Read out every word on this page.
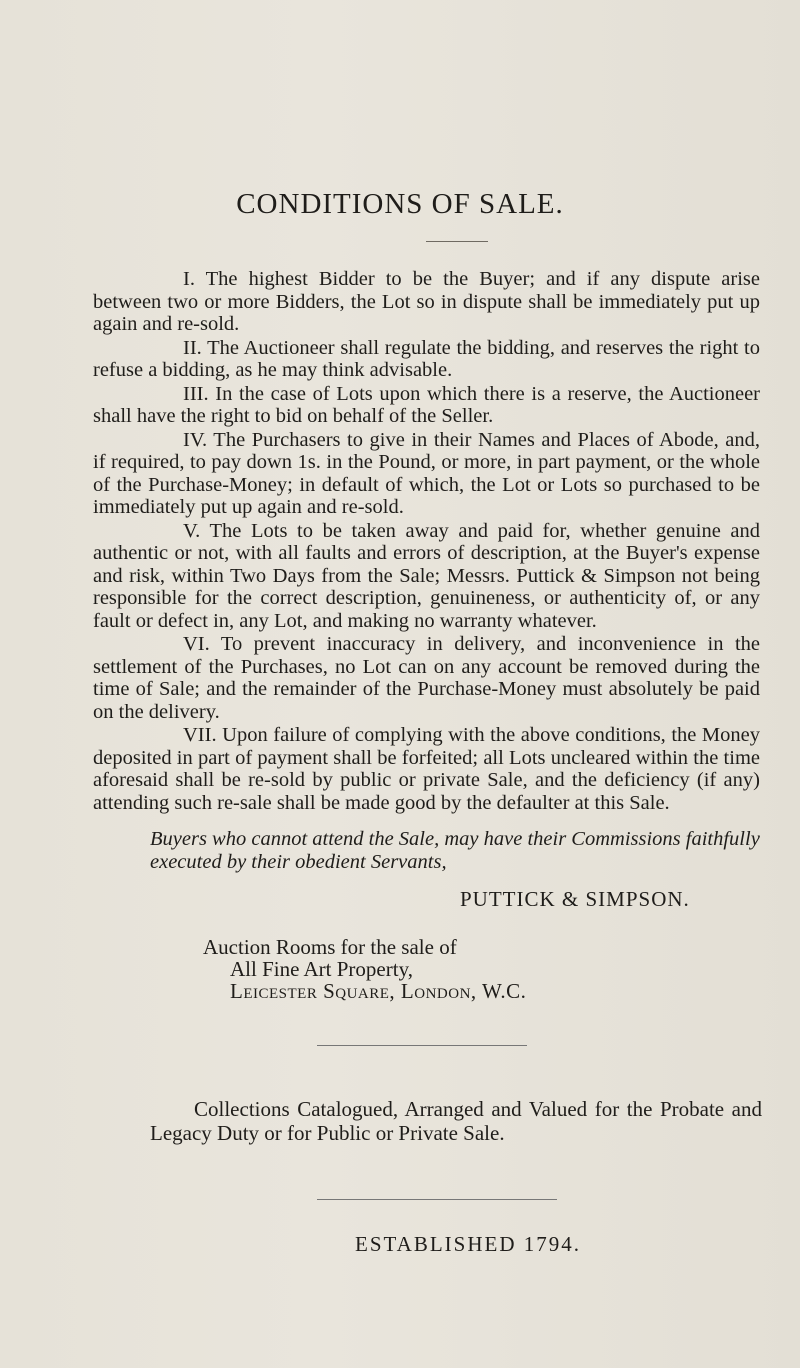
CONDITIONS OF SALE.

I. The highest Bidder to be the Buyer; and if any dispute arise between two or more Bidders, the Lot so in dispute shall be immediately put up again and re-sold.

II. The Auctioneer shall regulate the bidding, and reserves the right to refuse a bidding, as he may think advisable.

III. In the case of Lots upon which there is a reserve, the Auctioneer shall have the right to bid on behalf of the Seller.

IV. The Purchasers to give in their Names and Places of Abode, and, if required, to pay down 1s. in the Pound, or more, in part payment, or the whole of the Purchase-Money; in default of which, the Lot or Lots so purchased to be immediately put up again and re-sold.

V. The Lots to be taken away and paid for, whether genuine and authentic or not, with all faults and errors of description, at the Buyer's expense and risk, within Two Days from the Sale; Messrs. Puttick & Simpson not being responsible for the correct description, genuineness, or authenticity of, or any fault or defect in, any Lot, and making no warranty whatever.

VI. To prevent inaccuracy in delivery, and inconvenience in the settlement of the Purchases, no Lot can on any account be removed during the time of Sale; and the remainder of the Purchase-Money must absolutely be paid on the delivery.

VII. Upon failure of complying with the above conditions, the Money deposited in part of payment shall be forfeited; all Lots uncleared within the time aforesaid shall be re-sold by public or private Sale, and the deficiency (if any) attending such re-sale shall be made good by the defaulter at this Sale.

Buyers who cannot attend the Sale, may have their Commissions faithfully executed by their obedient Servants,

PUTTICK & SIMPSON.

Auction Rooms for the sale of
All Fine Art Property,
Leicester Square, London, W.C.

Collections Catalogued, Arranged and Valued for the Probate and Legacy Duty or for Public or Private Sale.

ESTABLISHED 1794.
